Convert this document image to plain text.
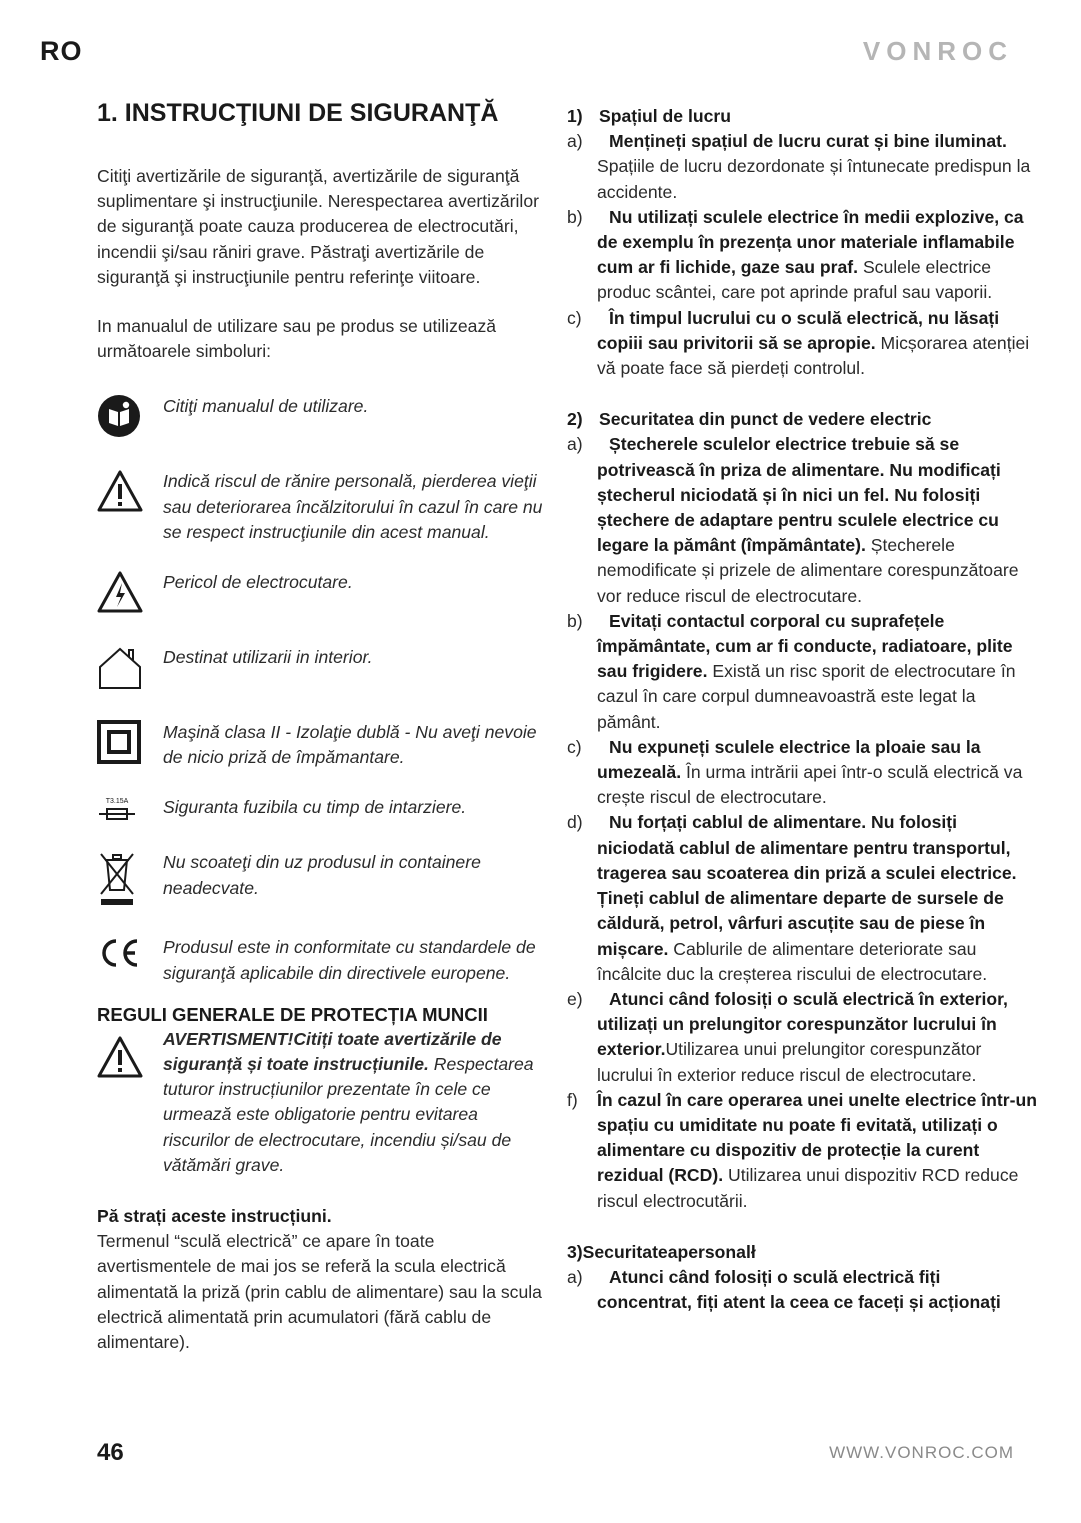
RO	VONROC
1. INSTRUCŢIUNI DE SIGURANŢĂ

Citiţi avertizările de siguranţă, avertizările de siguranţă suplimentare şi instrucţiunile. Nerespectarea avertizărilor de siguranţă poate cauza producerea de electrocutări, incendii şi/sau răniri grave. Păstraţi avertizările de siguranţă şi instrucţiunile pentru referinţe viitoare.

In manualul de utilizare sau pe produs se utilizează următoarele simboluri:

Citiţi manualul de utilizare.
Indică riscul de rănire personală, pierderea vieţii sau deteriorarea încălzitorului în cazul în care nu se respect instrucţiunile din acest manual.
Pericol de electrocutare.
Destinat utilizarii in interior.
Maşină clasa II - Izolaţie dublă - Nu aveţi nevoie de nicio priză de împămantare.
T3.15A Siguranta fuzibila cu timp de intarziere.
Nu scoateţi din uz produsul in containere neadecvate.
Produsul este in conformitate cu standardele de siguranţă aplicabile din directivele europene.
REGULI GENERALE DE PROTECȚIA MUNCII
AVERTISMENT!Citiți toate avertizările de siguranță și toate instrucțiunile. Respectarea tuturor instrucțiunilor prezentate în cele ce urmează este obligatorie pentru evitarea riscurilor de electrocutare, incendiu și/sau de vătămări grave.

Pă strați aceste instrucțiuni.

Termenul “sculă electrică” ce apare în toate avertismentele de mai jos se referă la scula electrică alimentată la priză (prin cablu de alimentare) sau la scula electrică alimentată prin acumulatori (fără cablu de alimentare).

1) Spațiul de lucru
a)	Mențineți spațiul de lucru curat și bine iluminat. Spațiile de lucru dezordonate și întunecate predispun la accidente.
b)	Nu utilizați sculele electrice în medii explozive, ca de exemplu în prezența unor materiale inflamabile cum ar fi lichide, gaze sau praf. Sculele electrice produc scântei, care pot aprinde praful sau vaporii.
c)	În timpul lucrului cu o sculă electrică, nu lăsați copiii sau privitorii să se apropie. Micșorarea atenției vă poate face să pierdeți controlul.
2) Securitatea din punct de vedere electric
a)	Ștecherele sculelor electrice trebuie să se potrivească în priza de alimentare. Nu modificați ștecherul niciodată și în nici un fel. Nu folosiți ștechere de adaptare pentru sculele electrice cu legare la pământ (împământate). Ștecherele nemodificate și prizele de alimentare corespunzătoare vor reduce riscul de electrocutare.
b)	Evitați contactul corporal cu suprafețele împământate, cum ar fi conducte, radiatoare, plite sau frigidere. Există un risc sporit de electrocutare în cazul în care corpul dumneavoastră este legat la pământ.
c)	Nu expuneți sculele electrice la ploaie sau la umezeală. În urma intrării apei într-o sculă electrică va crește riscul de electrocutare.
d)	Nu forțați cablul de alimentare. Nu folosiți niciodată cablul de alimentare pentru transportul, tragerea sau scoaterea din priză a sculei electrice. Țineți cablul de alimentare departe de sursele de căldură, petrol, vârfuri ascuțite sau de piese în mișcare. Cablurile de alimentare deteriorate sau încâlcite duc la creșterea riscului de electrocutare.
e)	Atunci când folosiți o sculă electrică în exterior, utilizați un prelungitor corespunzător lucrului în exterior.Utilizarea unui prelungitor corespunzător lucrului în exterior reduce riscul de electrocutare.
f)	În cazul în care operarea unei unelte electrice într-un spațiu cu umiditate nu poate fi evitată, utilizați o alimentare cu dispozitiv de protecție la curent rezidual (RCD). Utilizarea unui dispozitiv RCD reduce riscul electrocutării.
3)Securitateapersonalł
a)	Atunci când folosiți o sculă electrică fiți concentrat, fiți atent la ceea ce faceți și acționați
46	WWW.VONROC.COM
